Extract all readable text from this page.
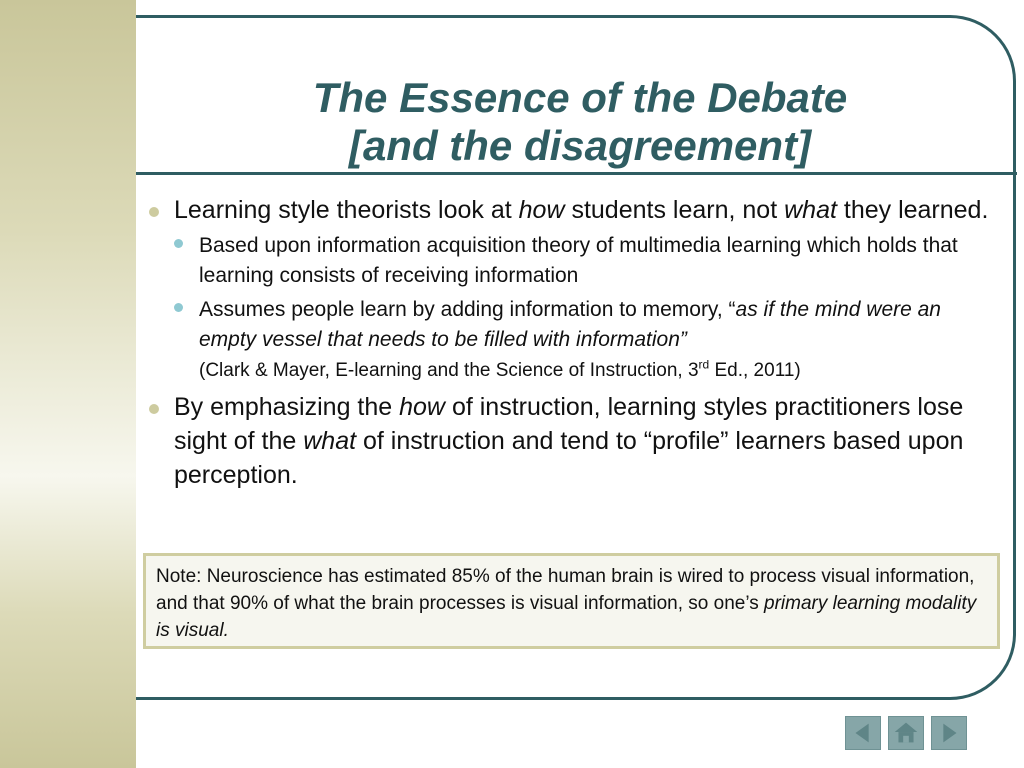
The Essence of the Debate
[and the disagreement]
Learning style theorists look at how students learn, not what they learned.
Based upon information acquisition theory of multimedia learning which holds that learning consists of receiving information
Assumes people learn by adding information to memory, “as if the mind were an empty vessel that needs to be filled with information”
(Clark & Mayer, E-learning and the Science of Instruction, 3rd Ed., 2011)
By emphasizing the how of instruction, learning styles practitioners lose sight of the what of instruction and tend to “profile” learners based upon perception.
Note: Neuroscience has estimated 85% of the human brain is wired to process visual information, and that 90% of what the brain processes is visual information, so one’s primary learning modality is visual.
